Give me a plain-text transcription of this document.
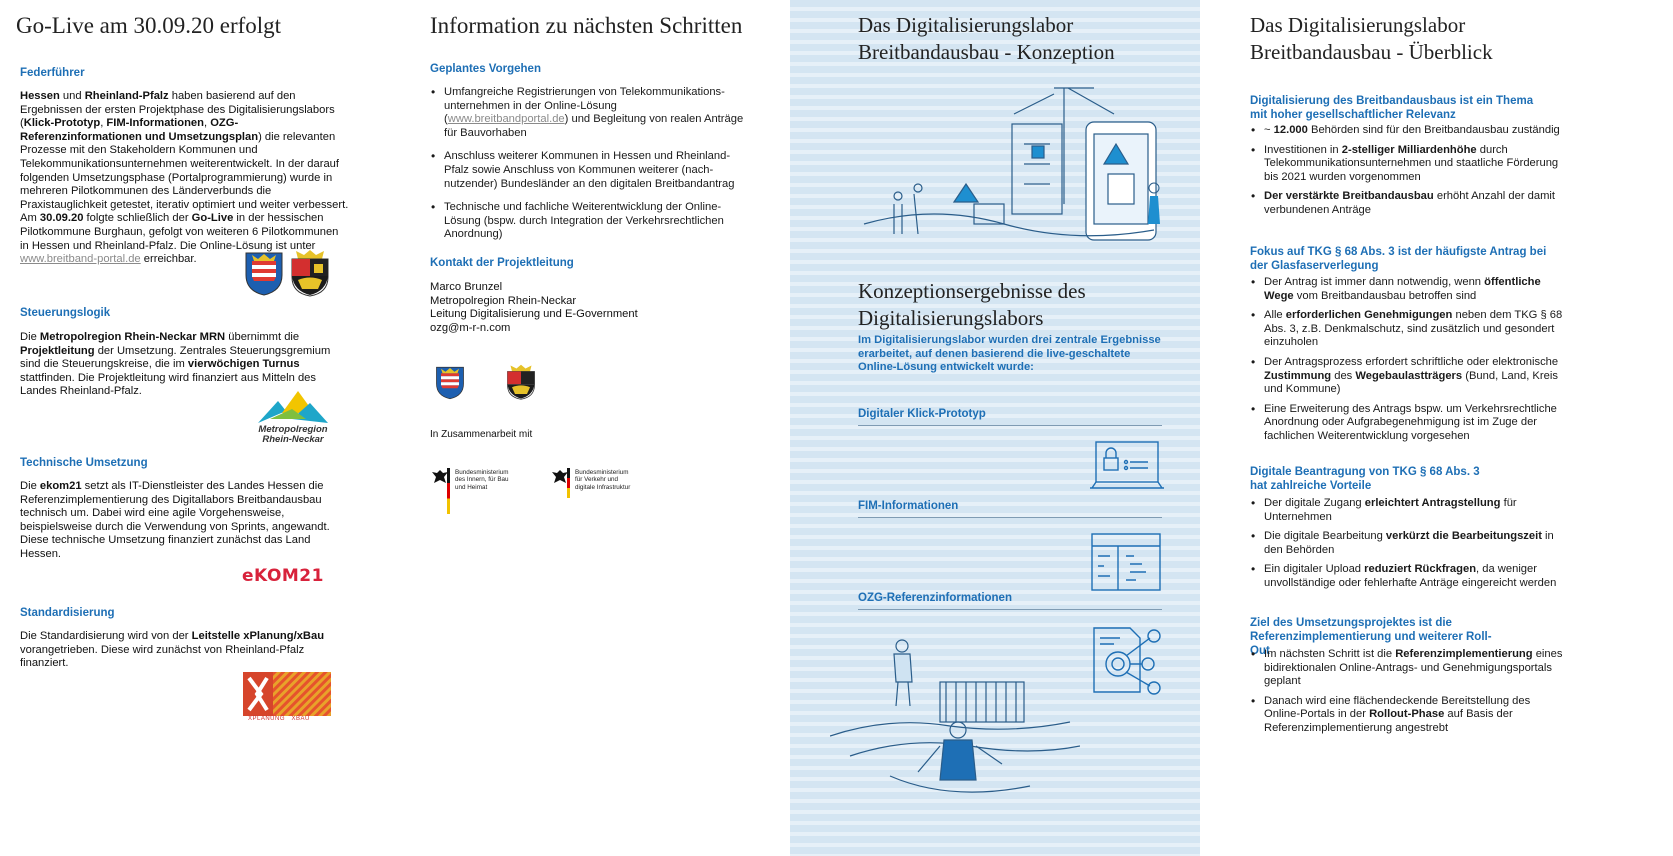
Go-Live am 30.09.20 erfolgt

Federführer

Hessen und Rheinland-Pfalz haben basierend auf den Ergebnissen der ersten Projektphase des Digitalisierungslabors (Klick-Prototyp, FIM-Informationen, OZG-Referenzinformationen und Umsetzungsplan) die relevanten Prozesse mit den Stakeholdern Kommunen und Telekommunikationsunternehmen weiterentwickelt. In der darauf folgenden Umsetzungsphase (Portalprogrammierung) wurde in mehreren Pilotkommunen des Länderverbunds die Praxistauglichkeit getestet, iterativ optimiert und weiter verbessert. Am 30.09.20 folgte schließlich der Go-Live in der hessischen Pilotkommune Burghaun, gefolgt von weiteren 6 Pilotkommunen in Hessen und Rheinland-Pfalz. Die Online-Lösung ist unter www.breitband-portal.de erreichbar.

Steuerungslogik

Die Metropolregion Rhein-Neckar MRN übernimmt die Projektleitung der Umsetzung. Zentrales Steuerungsgremium sind die Steuerungskreise, die im vierwöchigen Turnus stattfinden. Die Projektleitung wird finanziert aus Mitteln des Landes Rheinland-Pfalz.

Metropolregion
Rhein-Neckar

Technische Umsetzung

Die ekom21 setzt als IT-Dienstleister des Landes Hessen die Referenzimplementierung des Digitallabors Breitbandausbau technisch um. Dabei wird eine agile Vorgehensweise, beispielsweise durch die Verwendung von Sprints, angewandt. Diese technische Umsetzung finanziert zunächst das Land Hessen.

eKOM21

Standardisierung

Die Standardisierung wird von der Leitstelle xPlanung/xBau vorangetrieben. Diese wird zunächst von Rheinland-Pfalz finanziert.

XPLANUNG XBAU
Information zu nächsten Schritten

Geplantes Vorgehen

• Umfangreiche Registrierungen von Telekommunikations-unternehmen in der Online-Lösung (www.breitbandportal.de) und Begleitung von realen Anträge für Bauvorhaben
• Anschluss weiterer Kommunen in Hessen und Rheinland-Pfalz sowie Anschluss von Kommunen weiterer (nach-nutzender) Bundesländer an den digitalen Breitbandantrag
• Technische und fachliche Weiterentwicklung der Online-Lösung (bspw. durch Integration der Verkehrsrechtlichen Anordnung)

Kontakt der Projektleitung

Marco Brunzel
Metropolregion Rhein-Neckar
Leitung Digitalisierung und E-Government
ozg@m-r-n.com
In Zusammenarbeit mit
Bundesministerium
des Innern, für Bau
und Heimat
Bundesministerium
für Verkehr und
digitale Infrastruktur
Das Digitalisierungslabor
Breitbandausbau - Konzeption
Konzeptionsergebnisse des
Digitalisierungslabors

Im Digitalisierungslabor wurden drei zentrale Ergebnisse erarbeitet, auf denen basierend die live-geschaltete Online-Lösung entwickelt wurde:

Digitaler Klick-Prototyp
FIM-Informationen
OZG-Referenzinformationen
Das Digitalisierungslabor
Breitbandausbau - Überblick

Digitalisierung des Breitbandausbaus ist ein Thema mit hoher gesellschaftlicher Relevanz

• ~ 12.000 Behörden sind für den Breitbandausbau zuständig
• Investitionen in 2-stelliger Milliardenhöhe durch Telekommunikationsunternehmen und staatliche Förderung bis 2021 wurden vorgenommen
• Der verstärkte Breitbandausbau erhöht Anzahl der damit verbundenen Anträge

Fokus auf TKG § 68 Abs. 3 ist der häufigste Antrag bei der Glasfaserverlegung

• Der Antrag ist immer dann notwendig, wenn öffentliche Wege vom Breitbandausbau betroffen sind
• Alle erforderlichen Genehmigungen neben dem TKG § 68 Abs. 3, z.B. Denkmalschutz, sind zusätzlich und gesondert einzuholen
• Der Antragsprozess erfordert schriftliche oder elektronische Zustimmung des Wegebaulastträgers (Bund, Land, Kreis und Kommune)
• Eine Erweiterung des Antrags bspw. um Verkehrsrechtliche Anordnung oder Aufgrabegenehmigung ist im Zuge der fachlichen Weiterentwicklung vorgesehen

Digitale Beantragung von TKG § 68 Abs. 3 hat zahlreiche Vorteile

• Der digitale Zugang erleichtert Antragstellung für Unternehmen
• Die digitale Bearbeitung verkürzt die Bearbeitungszeit in den Behörden
• Ein digitaler Upload reduziert Rückfragen, da weniger unvollständige oder fehlerhafte Anträge eingereicht werden

Ziel des Umsetzungsprojektes ist die Referenzimplementierung und weiterer Roll-Out

• Im nächsten Schritt ist die Referenzimplementierung eines bidirektionalen Online-Antrags- und Genehmigungsportals geplant
• Danach wird eine flächendeckende Bereitstellung des Online-Portals in der Rollout-Phase auf Basis der Referenzimplementierung angestrebt
